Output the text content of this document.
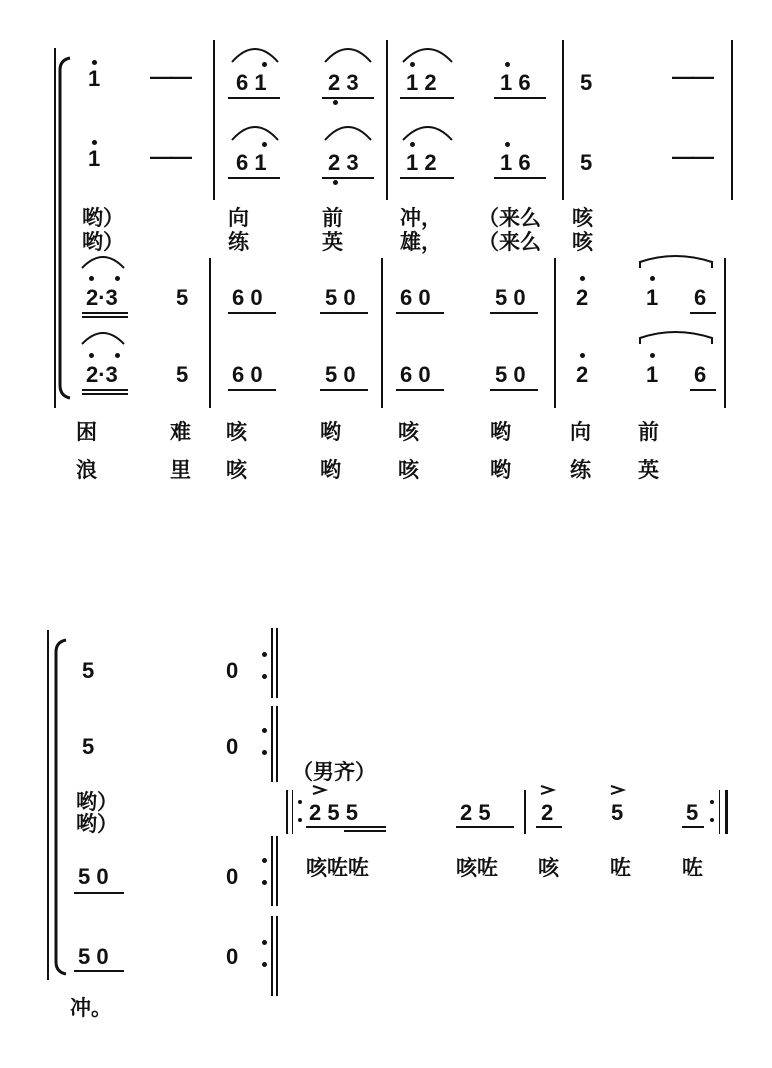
1 —— 6 1	2 3 1 2	1 6 5	——
1 —— 6 1	2 3 1 2	1 6 5	——
哟）	向	前	冲， （来么 咳
哟）	练	英	雄， （来么 咳
2·3	5 6 0	5 0 6 0	5 0 2	1 6
2·3	5 6 0	5 0 6 0	5 0 2	1 6
困	难 咳	哟	咳	哟	向 前
浪	里 咳	哟	咳	哟	练 英
5	0
5	0
哟）
哟）
（男齐）
2 5 5	2 5 2	5	5
咳咗咗	咳咗 咳 咗 咗
5 0	0
5 0	0
冲。
